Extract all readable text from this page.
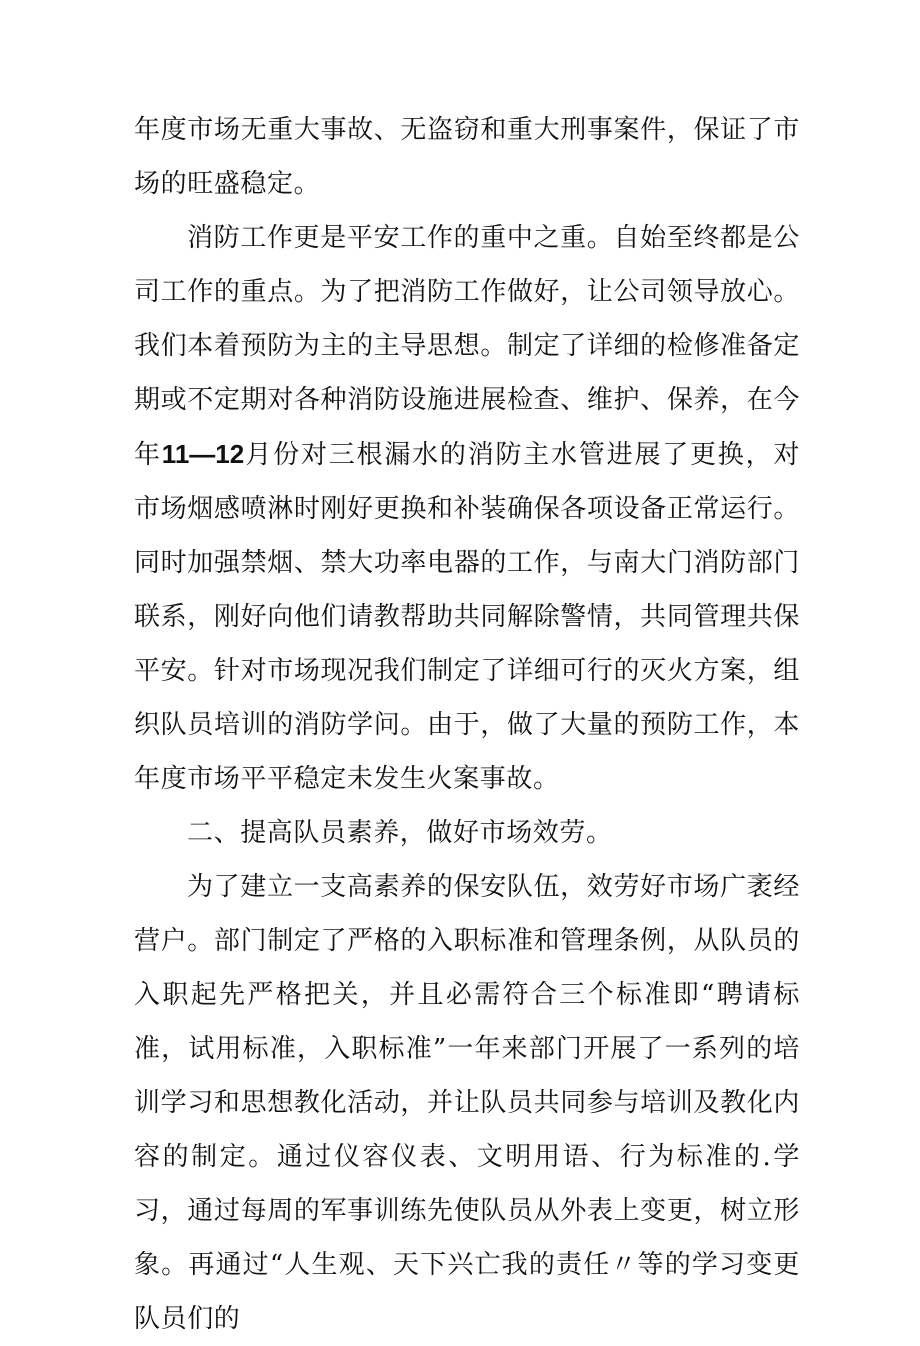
年度市场无重大事故、无盗窃和重大刑事案件，保证了市场的旺盛稳定。

消防工作更是平安工作的重中之重。自始至终都是公司工作的重点。为了把消防工作做好，让公司领导放心。我们本着预防为主的主导思想。制定了详细的检修准备定期或不定期对各种消防设施进展检查、维护、保养，在今年11—12月份对三根漏水的消防主水管进展了更换，对市场烟感喷淋时刚好更换和补装确保各项设备正常运行。同时加强禁烟、禁大功率电器的工作，与南大门消防部门联系，刚好向他们请教帮助共同解除警情，共同管理共保平安。针对市场现况我们制定了详细可行的灭火方案，组织队员培训的消防学问。由于，做了大量的预防工作，本年度市场平平稳定未发生火案事故。

二、提高队员素养，做好市场效劳。

为了建立一支高素养的保安队伍，效劳好市场广袤经营户。部门制定了严格的入职标准和管理条例，从队员的入职起先严格把关，并且必需符合三个标准即“聘请标准，试用标准，入职标准”一年来部门开展了一系列的培训学习和思想教化活动，并让队员共同参与培训及教化内容的制定。通过仪容仪表、文明用语、行为标准的.学习，通过每周的军事训练先使队员从外表上变更，树立形象。再通过“人生观、天下兴亡我的责任〃等的学习变更队员们的
